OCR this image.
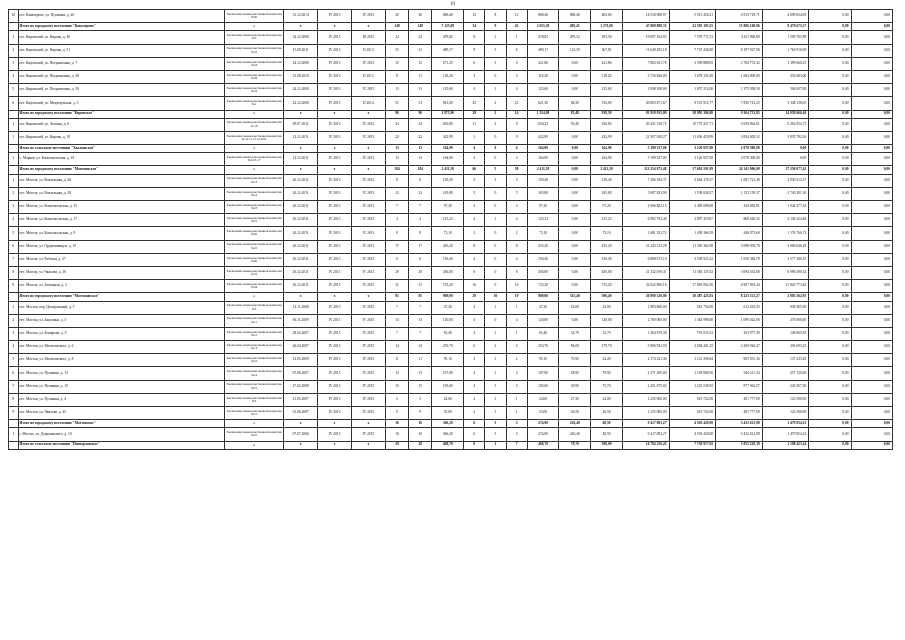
10
10	пгт. Кавалерово, ул. Пушкина, д. 26	Заключение межведомственной комиссии №30	31.12.2014	IV 2015	IV 2015	20	20	868,40	12	8	12	868,40	868,40	465,00	14 918 008,97	5 913 456,21	4 913 718,71	4 090 834,05	0,00	0,00
	Итого по городскому поселению "Кавалерово"	х	х	х	х	148	148	7 125,09	34	9	43	2 655,29	485,41	1 273,00	47 809 808,35	22 583 183,55	15 806 169,96	9 470 675,57	0,00	0,00
1	пгт. Кировский, ул. Кирова, д. 48	Заключение межведомственной комиссии №3	24.12.2008	IV 2013	III 2015	24	24	478,82	8	1	1	478,82	295,32	183,50	19 097 164,95	7 578 772,72	4 411 960,80	1 509 765,89	0,00	0,00
2	пгт. Кировский, ул. Кирова, д. 31	Заключение межведомственной комиссии №23	15.09.2011	IV 2013	II 2013	31	31	489,17	9	3	6	489,17	122,39	367,81	11 649 293,18	7 747 436,90	6 197 927,90	1 763 910,09	0,00	0,00
3	пгт. Кировский, ул. Пограничная, д. 7	Заключение межведомственной комиссии №18	24.12.2008	IV 2013	IV 2013	15	12	271,25	6	3	0	221,86	0,00	221,86	7 863 631,78	3 509 888,05	2 784 772,32	1 399 660,23	0,00	0,00
4	пгт. Кировский, ул. Пограничная, д. 58	Заключение межведомственной комиссии №29	31.08.2010	IV 2013	II 2013	11	11	118,20	3	0	3	118,20	0,00	118,20	3 720 846,00	1 678 131,00	1 684 000,00	352 683,00	0,00	0,00
5	пгт. Кировский, ул. Пограничная, д. 50	Заключение межведомственной комиссии №24	24.12.2008	IV 2013	IV 2015	13	13	125,60	4	1	4	125,60	0,00	125,60	3 998 108,00	1 857 212,00	1 375 958,50	304 657,00	0,00	0,00
6	пгт. Кировский, ул. Медведевская, д. 5	Заключение межведомственной комиссии №1	22.12.2008	IV 2013	II 2014	51	51	941,00	25	2	23	621,30	68,30	156,00	20 803 671,67	9 531 912,77	7 830 741,25	3 348 138,05	0,00	0,00
	Итого по городскому поселению "Кировское"	х	х	х	х	96	96	1 875,90	29	2	14	1 354,08	83,48	938,50	81 959 935,09	38 995 396,80	9 264 752,83	14 058 666,40	0,00	0,00
1	пгт. Кировский, ул. Зеленая, д. 6	Заключение межведомственной комиссии № 18	09.07.2011	IV 2013	IV 2013	34	34	630,00	11	2	9	630,23	93,40	536,83	20 431 510,72	10 779 227,71	5 639 864,01	6 262 054,75	0,00	0,00
1	пгт. Кировский, ул. Кирова, д. 18	Заключение межведомственной комиссии № 32 от 12.12.2011	12.12.2011	IV 2013	IV 2013	22	22	422,99	1	0	9	422,99	0,00	422,99	21 507 028,27	11 836 418,99	3 834 405,12	5 835 782,36	0,00	0,00
	Итого по сельскому поселению "Хвалынское"	х	х	х	х	13	13	164,90	4	0	4	164,90	0,00	164,90	5 199 237,00	3 120 937,00	2 078 300,00	0,00	0,00	0,00
1	с. Марков, ул. Комсомольская, д. 19	Заключение межведомственной комиссии №3-03-17	12.12.2011	IV 2013	IV 2013	13	13	164,90	4	0	4	164,90	0,00	164,90	5 199 237,00	3 120 937,00	2 078 300,00	0,00	0,00	0,00
	Итого по городскому поселению "Могочинское"	х	х	х	х	184	184	2 411,58	66	5	58	2 411,58	0,00	2 411,58	113 254 073,48	57 602 591,09	24 341 006,00	27 250 077,45	0,00	0,00
1	пгт. Могоча, ул. Вокзальная, д. 26	Заключение межведомственной комиссии №13	26.12.2011	IV 2013	IV 2013	8	8	159,40	5	3	5	159,40	0,00	159,40	7 286 194,37	2 664 176,37	1 081 721,48	2 930 512,37	0,00	0,00
2	пгт. Могоча, ул. Вокзальная, д. 28	Заключение межведомственной комиссии №14	26.12.2011	IV 2013	IV 2013	12	12	165,80	5	0	5	165,80	0,00	165,80	5 697 823,90	1 538 656,57	1 123 159,37	2 740 281,30	0,00	0,00
3	пгт. Могоча, ул. Комсомольская, д. 15	Заключение межведомственной комиссии №18	26.12.2011	IV 2013	IV 2013	7	7	97,20	4	0	4	97,20	0,00	97,20	4 906 802,15	2 485 098,00	430 682,91	1 944 477,16	0,00	0,00
4	пгт. Могоча, ул. Комсомольская, д. 17	Заключение межведомственной комиссии №21	26.12.2011	IV 2013	IV 2013	4	4	125,23	4	1	4	125,23	0,00	125,23	6 992 792,48	2 897 419,67	868 626,33	2 136 224,48	0,00	0,00
5	пгт. Могоча, ул. Комсомольская, д. 9	Заключение межведомственной комиссии №26	26.12.2011	IV 2013	IV 2013	8	8	73,10	2	0	2	73,10	0,00	73,10	3 481 352,72	1 458 366,39	446 073,60	1 176 766,72	0,00	0,00
6	пгт. Могоча, ул. Орджоникидзе, д. 10	Заключение межведомственной комиссии №22	26.12.2011	IV 2013	IV 2013	17	17	435,20	8	0	8	435,20	0,00	435,20	21 243 123,28	11 350 362,90	5 098 093,70	4 800 646,28	0,00	0,00
7	пгт. Могоча, ул. Рабочая, д. 27	Заключение межведомственной комиссии №20	26.12.2011	IV 2013	IV 2013	6	6	156,40	4	0	4	156,40	0,00	156,40	6 808 073,10	3 558 923,22	1 056 384,78	3 577 380,10	0,00	0,00
8	пгт. Могоча, ул. Чкалова, д. 30	Заключение межведомственной комиссии №33	26.12.2011	IV 2013	IV 2013	29	29	456,00	8	0	8	456,00	0,00	456,00	21 332 019,31	11 383 137,62	3 094 552,08	6 990 290,34	0,00	0,00
9	пгт. Могоча, ул. Заозерная, д. 2	Заключение межведомственной комиссии №34	26.12.2011	IV 2015	IV 2015	31	31	723,20	16	0	16	723,20	0,00	723,20	32 022 806,16	17 893 802,56	6 907 893,44	11 820 773,40	0,00	0,00
	Итого по городскому поселению "Могзоновское"	х	х	х	х	95	95	909,00	29	10	19	909,00	315,40	596,40	20 899 126,00	10 487 423,83	8 223 321,27	2 883 562,95	0,00	0,00
1	пгт. Могзон, пер. Центральный, д. 5	Заключение межведомственной комиссии №5	12.11.2008	IV 2015	IV 2015	7	7	47,20	2	1	1	47,20	24,00	24,00	1 883 600,00	561 734,00	612 263,93	938 365,00	0,00	0,00
2	пгт. Могзон, ул. Бакунина, д. 5	Заключение межведомственной комиссии №17	06.11.2009	IV 2015	IV 2015	13	13	120,00	4	0	4	120,00	0,00	120,00	2 760 000,00	1 364 998,00	1 099 022,00	276 000,00	0,00	0,00
3	пгт. Могзон, ул. Комарова, д. 9	Заключение межведомственной комиссии №12	28.02.2007	IV 2013	IV 2015	7	7	65,40	2	1	1	65,40	32,70	32,70	1 494 679,38	791 033,52	263 977,39	149 665,93	0,00	0,00
4	пгт. Могзон, ул. Мелиховского, д. 6	Заключение межведомственной комиссии №13	26.04.2007	IV 2013	IV 2015	14	14	253,70	6	2	4	253,70	84,00	179,70	5 986 932,50	3 004 201,25	2 280 944,47	394 693,25	0,00	0,00
5	пгт. Могзон, ул. Мелиховского, д. 8	Заключение межведомственной комиссии №19	13.05.2009	IV 2013	IV 2015	11	11	95,10	3	1	2	95,10	70,90	24,20	2 174 221,40	1 141 296,84	903 591,36	137 433,20	0,00	0,00
6	пгт. Могзон, ул. Пушкина, д. 13	Заключение межведомственной комиссии №14	07.06.2007	IV 2013	IV 2015	13	13	107,80	4	1	3	107,80	28,90	79,90	2 371 200,00	1 169 868,56	944 211,34	257 120,00	0,00	0,00
7	пгт. Могзон, ул. Пушкина, д. 15	Заключение межведомственной комиссии №15	27.02.2008	IV 2013	IV 2015	15	15	105,60	4	1	3	105,60	29,90	75,70	2 451 075,02	1 225 538,95	877 062,07	245 507,50	0,00	0,00
8	пгт. Могзон, ул. Пушкина, д. 4	Заключение межведомственной комиссии №3	21.05.2007	IV 2013	IV 2015	5	5	24,00	2	1	1	24,00	27,30	24,00	1 235 000,00	619 722,00	491 777,00	123 500,00	0,00	0,00
9	пгт. Могзон, ул. Чкалова, д. 45	Заключение межведомственной комиссии №21	01.06.2007	IV 2013	IV 2015	9	9	53,00	2	1	1	53,00	26,50	26,50	1 235 000,00	619 722,00	491 777,00	123 500,00	0,00	0,00
	Итого по городскому поселению "Могзонское"	х	х	х	х	16	16	366,20	6	3	3	274,90	226,40	48,50	9 417 083,27	4 503 420,00	3 432 621,98	1 479 854,23	0,00	0,00
1	г. Могоча, ул. Дзержинского, д. 10	Заключение межведомственной комиссии №10	07.07.2006	IV 2015	IV 2015	16	16	366,20	6	3	3	274,90	226,40	48,50	9 417 083,27	4 503 420,00	3 432 621,98	1 479 854,23	0,00	0,00
	Итого по сельскому поселению "Новоорловское"	х	х	х	х	29	29	468,70	8	1	7	468,70	78,70	390,00	14 794 256,45	7 738 917,92	5 855 220,39	1 198 423,24	0,00	0,00
